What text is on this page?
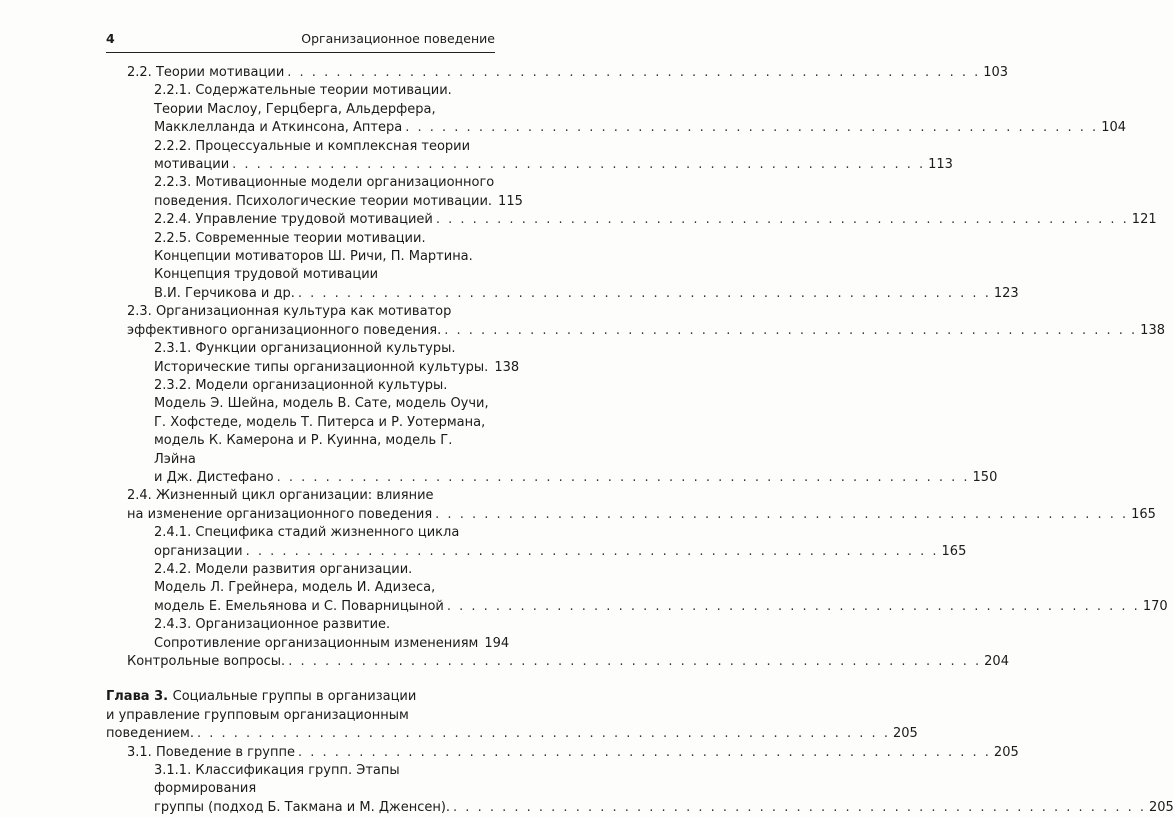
4	Организационное поведение
2.2. Теории мотивации . . . . . . . . . . . . . . . . . . . . . . . . . . . . . . . . . . . . . . . . . . . . . . . . . . . . . . . . . 103
2.2.1. Содержательные теории мотивации.
Теории Маслоу, Герцберга, Альдерфера,
Макклелланда и Аткинсона, Аптера . . . . . . . . . . . . . . . . . . . . . . . . . . . . . . . . . . . . . . . . . . . . . . . . . . . . . . . . . 104
2.2.2. Процессуальные и комплексная теории
мотивации . . . . . . . . . . . . . . . . . . . . . . . . . . . . . . . . . . . . . . . . . . . . . . . . . . . . . . . . . 113
2.2.3. Мотивационные модели организационного
поведения. Психологические теории мотивации. 115
2.2.4. Управление трудовой мотивацией . . . . . . . . . . . . . . . . . . . . . . . . . . . . . . . . . . . . . . . . . . . . . . . . . . . . . . . . . 121
2.2.5. Современные теории мотивации.
Концепции мотиваторов Ш. Ричи, П. Мартина.
Концепция трудовой мотивации
В.И. Герчикова и др. . . . . . . . . . . . . . . . . . . . . . . . . . . . . . . . . . . . . . . . . . . . . . . . . . . . . . . . . . 123
2.3. Организационная культура как мотиватор
эффективного организационного поведения. . . . . . . . . . . . . . . . . . . . . . . . . . . . . . . . . . . . . . . . . . . . . . . . . . . . . . . . . . 138
2.3.1. Функции организационной культуры.
Исторические типы организационной культуры. 138
2.3.2. Модели организационной культуры.
Модель Э. Шейна, модель В. Сате, модель Оучи,
Г. Хофстеде, модель Т. Питерса и Р. Уотермана,
модель К. Камерона и Р. Куинна, модель Г. Лэйна
и Дж. Дистефано . . . . . . . . . . . . . . . . . . . . . . . . . . . . . . . . . . . . . . . . . . . . . . . . . . . . . . . . . 150
2.4. Жизненный цикл организации: влияние
на изменение организационного поведения . . . . . . . . . . . . . . . . . . . . . . . . . . . . . . . . . . . . . . . . . . . . . . . . . . . . . . . . . 165
2.4.1. Специфика стадий жизненного цикла
организации . . . . . . . . . . . . . . . . . . . . . . . . . . . . . . . . . . . . . . . . . . . . . . . . . . . . . . . . . 165
2.4.2. Модели развития организации.
Модель Л. Грейнера, модель И. Адизеса,
модель Е. Емельянова и С. Поварницыной . . . . . . . . . . . . . . . . . . . . . . . . . . . . . . . . . . . . . . . . . . . . . . . . . . . . . . . . . 170
2.4.3. Организационное развитие.
Сопротивление организационным изменениям 194
Контрольные вопросы. . . . . . . . . . . . . . . . . . . . . . . . . . . . . . . . . . . . . . . . . . . . . . . . . . . . . . . . . . 204
Глава 3. Социальные группы в организации
и управление групповым организационным
поведением. . . . . . . . . . . . . . . . . . . . . . . . . . . . . . . . . . . . . . . . . . . . . . . . . . . . . . . . . . 205
3.1. Поведение в группе . . . . . . . . . . . . . . . . . . . . . . . . . . . . . . . . . . . . . . . . . . . . . . . . . . . . . . . . . 205
3.1.1. Классификация групп. Этапы формирования
группы (подход Б. Такмана и М. Дженсен). . . . . . . . . . . . . . . . . . . . . . . . . . . . . . . . . . . . . . . . . . . . . . . . . . . . . . . . . . 205
